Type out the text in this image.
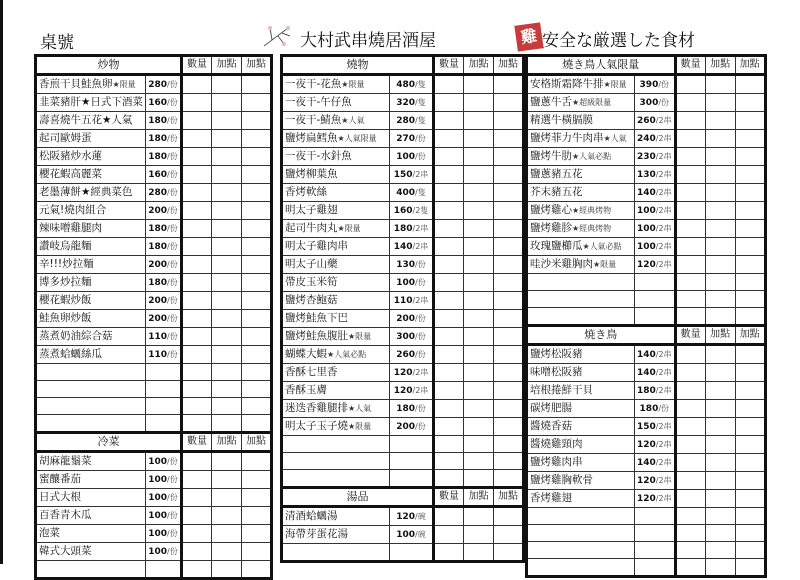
桌號	大村武串燒居酒屋	雞 安全な厳選した食材
炒物		數量	加點	加點
香煎干貝鮭魚卵★限量	280/份			
韭菜豬肝★日式下酒菜	160/份			
壽喜燒牛五花★人氣	180/份			
起司歐姆蛋	180/份			
松阪豬炒水蓮	180/份			
櫻花蝦高麗菜	160/份			
老墨薄餅★經典菜色	280/份			
元氣!燒肉組合	200/份			
辣味噌雞腿肉	180/份			
讚岐烏龍麵	180/份			
辛!!!炒拉麵	200/份			
博多炒拉麵	180/份			
櫻花蝦炒飯	200/份			
鮭魚卵炒飯	200/份			
蒸煮奶油綜合菇	110/份			
蒸煮蛤蠣絲瓜	110/份			

冷菜		數量	加點	加點
胡麻龍鬚菜	100/份			
蜜釀番茄	100/份			
日式大根	100/份			
百香青木瓜	100/份			
泡菜	100/份			
韓式大頭菜	100/份			

燒物		數量	加點	加點
一夜干-花魚★限量	480/隻			
一夜干-午仔魚	320/隻			
一夜干-鯖魚★人氣	280/隻			
鹽烤扁鱈魚★人氣限量	270/份			
一夜干-水針魚	100/份			
鹽烤柳葉魚	150/2串			
香烤軟絲	400/隻			
明太子雞翅	160/2隻			
起司牛肉丸★限量	180/2串			
明太子雞肉串	140/2串			
明太子山藥	130/份			
帶皮玉米筍	100/份			
鹽烤杏鮑菇	110/2串			
鹽烤鮭魚下巴	200/份			
鹽烤鮭魚腹肚★限量	300/份			
蝴蝶大蝦★人氣必點	260/份			
香酥七里香	120/2串			
香酥玉膚	120/2串			
迷迭香雞腿排★人氣	180/份			
明太子玉子燒★限量	200/份			

湯品		數量	加點	加點
清酒蛤蠣湯	120/碗			
海帶芽蛋花湯	100/碗			

燒き鳥人氣限量		數量	加點	加點
安格斯霜降牛排★限量	390/份			
鹽蔥牛舌★超級限量	300/份			
精選牛橫膈膜	260/2串			
鹽烤菲力牛肉串★人氣	240/2串			
鹽烤牛肋★人氣必點	230/2串			
鹽蔥豬五花	130/2串			
芥末豬五花	140/2串			
鹽烤雞心★經典烤物	100/2串			
鹽烤雞胗★經典烤物	100/2串			
玫瑰鹽櫛瓜★人氣必點	100/2串			
哇沙米雞胸肉★限量	120/2串			

焼き鳥		數量	加點	加點
鹽烤松阪豬	140/2串			
味噌松阪豬	140/2串			
培根捲鮮干貝	180/2串			
碳烤肥腸	180/份			
醬燒香菇	150/2串			
醬燒雞頸肉	120/2串			
鹽烤雞肉串	140/2串			
鹽烤雞胸軟骨	120/2串			
香烤雞翅	120/2串			
